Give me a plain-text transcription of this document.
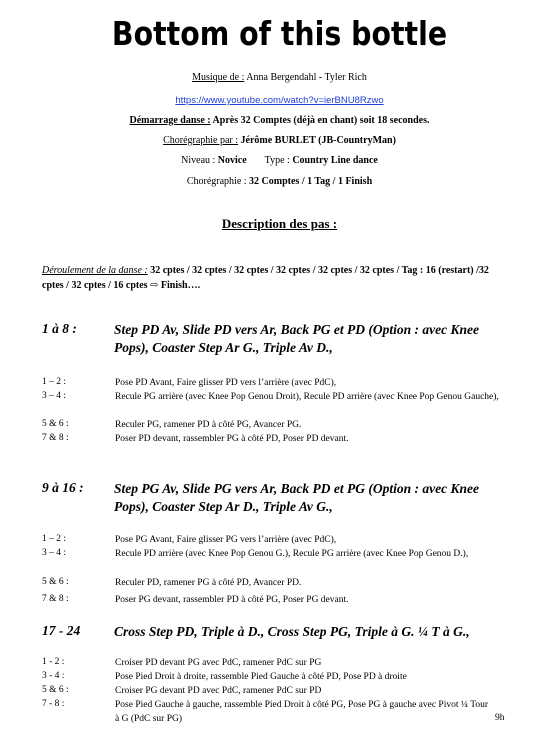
Bottom of this bottle
Musique de : Anna Bergendahl - Tyler Rich
https://www.youtube.com/watch?v=ierBNU8Rzwo
Démarrage danse : Après 32 Comptes (déjà en chant) soit 18 secondes.
Chorégraphie par : Jérôme BURLET (JB-CountryMan)
Niveau : Novice Type : Country Line dance
Chorégraphie : 32 Comptes / 1 Tag / 1 Finish
Description des pas :
Déroulement de la danse : 32 cptes / 32 cptes / 32 cptes / 32 cptes / 32 cptes / 32 cptes / Tag : 16 (restart) /32 cptes / 32 cptes / 16 cptes ⇨ Finish….
1 à 8 :	Step PD Av, Slide PD vers Ar, Back PG et PD (Option : avec Knee Pops), Coaster Step Ar G., Triple Av D.,
1 – 2 :	Pose PD Avant, Faire glisser PD vers l’arrière (avec PdC),
3 – 4 :	Recule PG arrière (avec Knee Pop Genou Droit), Recule PD arrière (avec Knee Pop Genou Gauche),
5 & 6 :	Reculer PG, ramener PD à côté PG, Avancer PG.
7 & 8 :	Poser PD devant, rassembler PG à côté PD, Poser PD devant.
9 à 16 : Step PG Av, Slide PG vers Ar, Back PD et PG (Option : avec Knee Pops), Coaster Step Ar D., Triple Av G.,
1 – 2 :	Pose PG Avant, Faire glisser PG vers l’arrière (avec PdC),
3 – 4 :	Recule PD arrière (avec Knee Pop Genou G.), Recule PG arrière (avec Knee Pop Genou D.),
5 & 6 :	Reculer PD, ramener PG à côté PD, Avancer PD.
7 & 8 :	Poser PG devant, rassembler PD à côté PG, Poser PG devant.
17 - 24	Cross Step PD, Triple à D., Cross Step PG, Triple à G. ¼ T à G.,
1 - 2 :	Croiser PD devant PG avec PdC, ramener PdC sur PG
3 - 4 :	Pose Pied Droit à droite, rassemble Pied Gauche à côté PD, Pose PD à droite
5 & 6 :	Croiser PG devant PD avec PdC, ramener PdC sur PD
7 - 8 :	Pose Pied Gauche à gauche, rassemble Pied Droit à côté PG, Pose PG à gauche avec Pivot ¼ Tour à G (PdC sur PG)	9h
